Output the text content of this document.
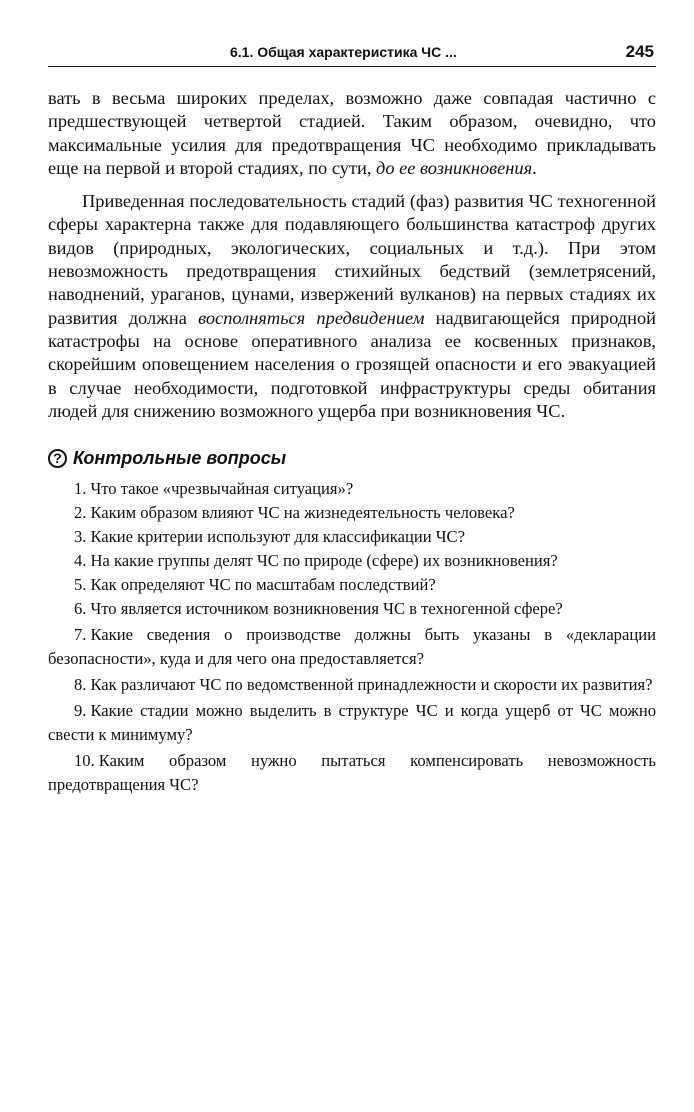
6.1. Общая характеристика ЧС ...	245

вать в весьма широких пределах, возможно даже совпадая частично с предшествующей четвертой стадией. Таким образом, очевидно, что максимальные усилия для предотвращения ЧС необходимо прикладывать еще на первой и второй стадиях, по сути, до ее возникновения.

Приведенная последовательность стадий (фаз) развития ЧС техногенной сферы характерна также для подавляющего большинства катастроф других видов (природных, экологических, социальных и т.д.). При этом невозможность предотвращения стихийных бедствий (землетрясений, наводнений, ураганов, цунами, извержений вулканов) на первых стадиях их развития должна восполняться предвидением надвигающейся природной катастрофы на основе оперативного анализа ее косвенных признаков, скорейшим оповещением населения о грозящей опасности и его эвакуацией в случае необходимости, подготовкой инфраструктуры среды обитания людей для снижению возможного ущерба при возникновения ЧС.

? Контрольные вопросы

1. Что такое «чрезвычайная ситуация»?

2. Каким образом влияют ЧС на жизнедеятельность человека?

3. Какие критерии используют для классификации ЧС?

4. На какие группы делят ЧС по природе (сфере) их возникновения?

5. Как определяют ЧС по масштабам последствий?

6. Что является источником возникновения ЧС в техногенной сфере?

7. Какие сведения о производстве должны быть указаны в «декларации безопасности», куда и для чего она предоставляется?

8. Как различают ЧС по ведомственной принадлежности и скорости их развития?

9. Какие стадии можно выделить в структуре ЧС и когда ущерб от ЧС можно свести к минимуму?

10. Каким образом нужно пытаться компенсировать невозможность предотвращения ЧС?
